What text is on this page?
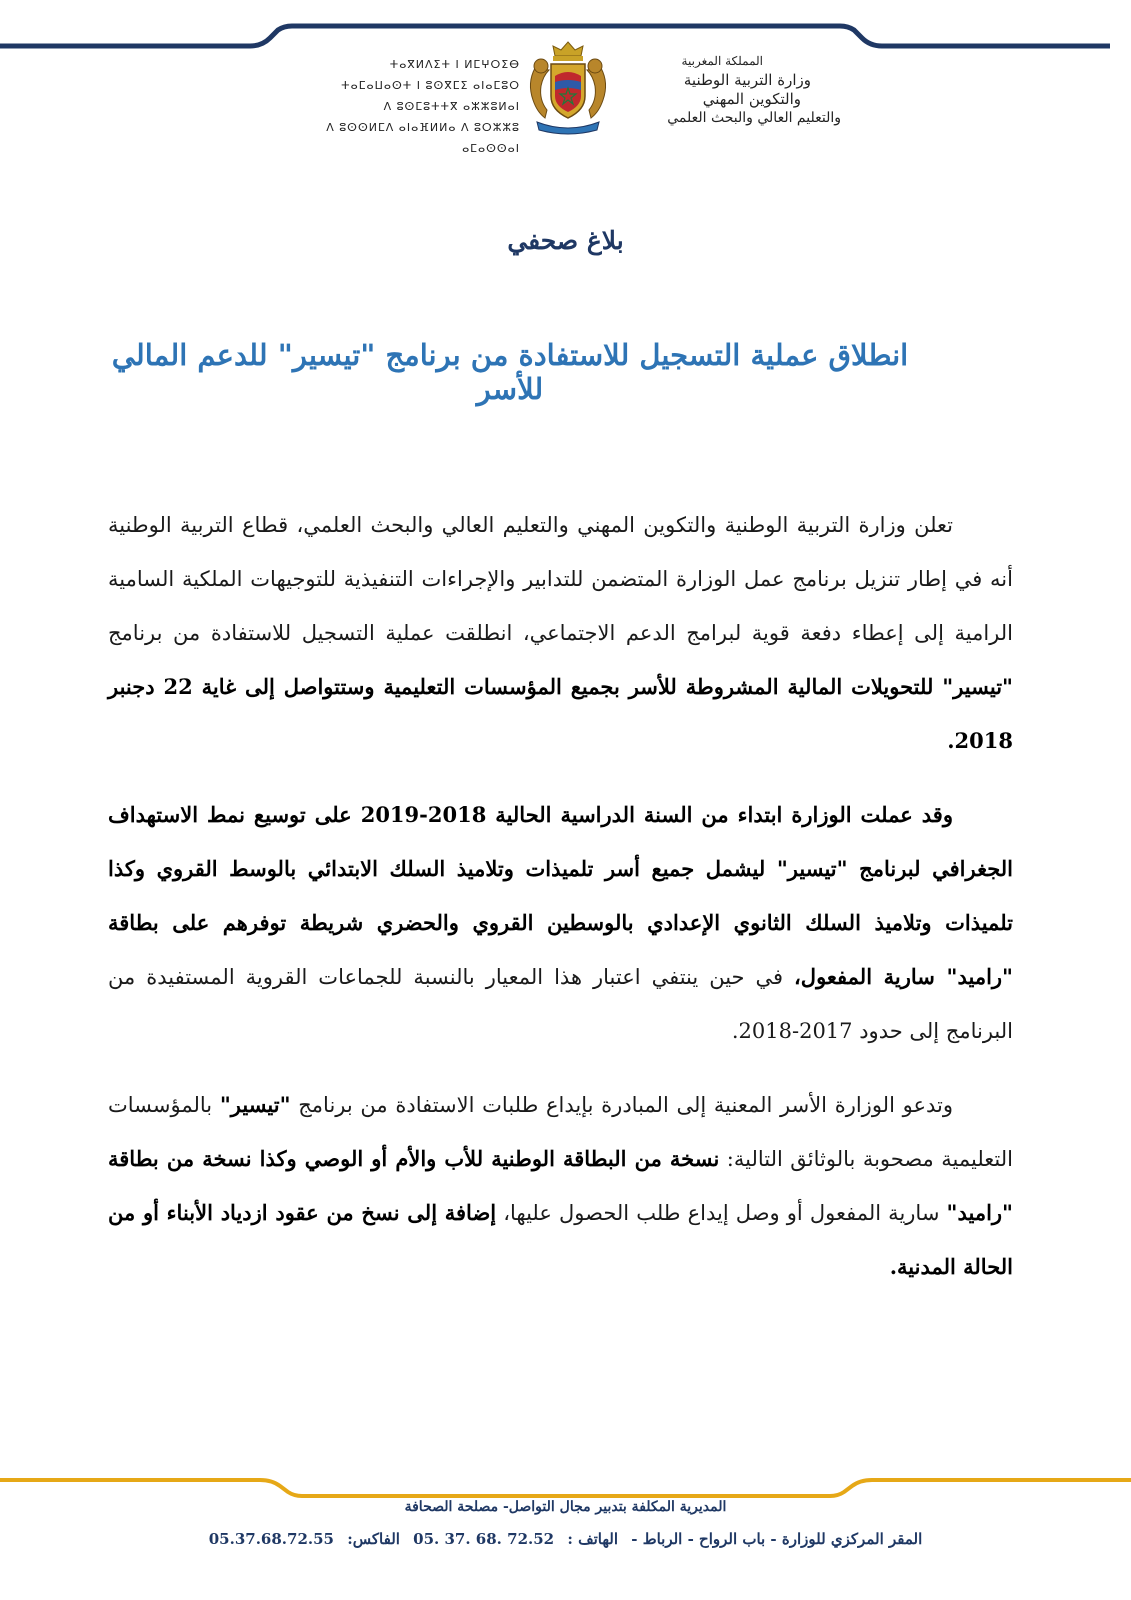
المملكة المغربية
وزارة التربية الوطنية
والتكوين المهني
والتعليم العالي والبحث العلمي
ⵜⴰⴳⵍⴷⵉⵜ ⵏ ⵍⵎⵖⵔⵉⴱ
ⵜⴰⵎⴰⵡⴰⵙⵜ ⵏ ⵓⵙⴳⵎⵉ ⴰⵏⴰⵎⵓⵔ
ⴷ ⵓⵙⵎⵓⵜⵜⴳ ⴰⵣⵣⵓⵍⴰⵏ
ⴷ ⵓⵙⵙⵍⵎⴷ ⴰⵏⴰⴼⵍⵍⴰ ⴷ ⵓⵔⵣⵣⵓ ⴰⵎⴰⵙⵙⴰⵏ
بلاغ صحفي
انطلاق عملية التسجيل للاستفادة من برنامج "تيسير" للدعم المالي للأسر

تعلن وزارة التربية الوطنية والتكوين المهني والتعليم العالي والبحث العلمي، قطاع التربية الوطنية أنه في إطار تنزيل برنامج عمل الوزارة المتضمن للتدابير والإجراءات التنفيذية للتوجيهات الملكية السامية الرامية إلى إعطاء دفعة قوية لبرامج الدعم الاجتماعي، انطلقت عملية التسجيل للاستفادة من برنامج "تيسير" للتحويلات المالية المشروطة للأسر بجميع المؤسسات التعليمية وستتواصل إلى غاية 22 دجنبر 2018.

وقد عملت الوزارة ابتداء من السنة الدراسية الحالية 2018-2019 على توسيع نمط الاستهداف الجغرافي لبرنامج "تيسير" ليشمل جميع أسر تلميذات وتلاميذ السلك الابتدائي بالوسط القروي وكذا تلميذات وتلاميذ السلك الثانوي الإعدادي بالوسطين القروي والحضري شريطة توفرهم على بطاقة "راميد" سارية المفعول، في حين ينتفي اعتبار هذا المعيار بالنسبة للجماعات القروية المستفيدة من البرنامج إلى حدود 2017-2018.

وتدعو الوزارة الأسر المعنية إلى المبادرة بإيداع طلبات الاستفادة من برنامج "تيسير" بالمؤسسات التعليمية مصحوبة بالوثائق التالية: نسخة من البطاقة الوطنية للأب والأم أو الوصي وكذا نسخة من بطاقة "راميد" سارية المفعول أو وصل إيداع طلب الحصول عليها، إضافة إلى نسخ من عقود ازدياد الأبناء أو من الحالة المدنية.

المديرية المكلفة بتدبير مجال التواصل- مصلحة الصحافة
المقر المركزي للوزارة - باب الرواح - الرباط - الهاتف : 05. 37. 68. 72.52 الفاكس: 05.37.68.72.55
